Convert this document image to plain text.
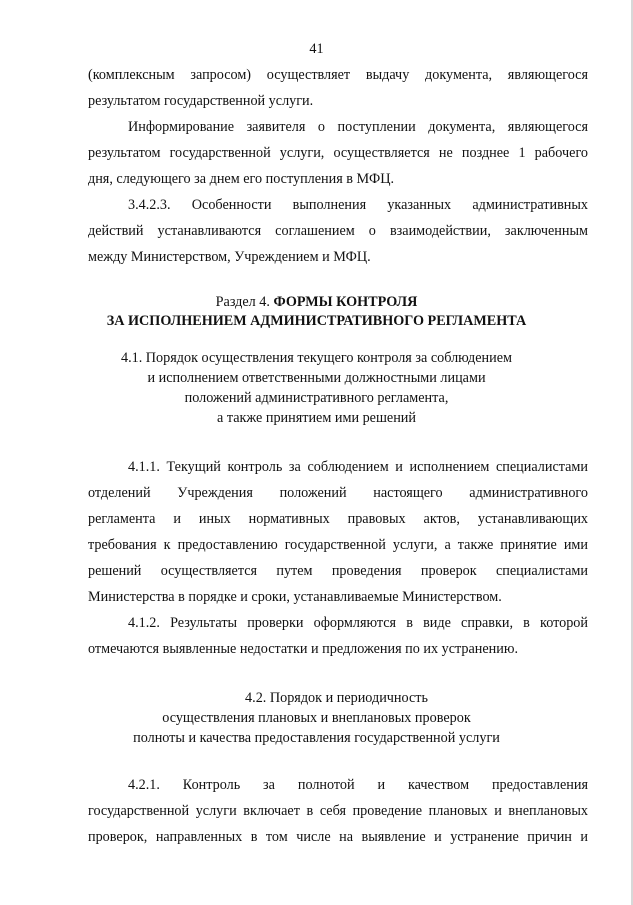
41
(комплексным запросом) осуществляет выдачу документа, являющегося
результатом государственной услуги.
Информирование заявителя о поступлении документа, являющегося
результатом государственной услуги, осуществляется не позднее 1 рабочего
дня, следующего за днем его поступления в МФЦ.
3.4.2.3. Особенности выполнения указанных административных
действий устанавливаются соглашением о взаимодействии, заключенным
между Министерством, Учреждением и МФЦ.
Раздел 4. ФОРМЫ КОНТРОЛЯ
ЗА ИСПОЛНЕНИЕМ АДМИНИСТРАТИВНОГО РЕГЛАМЕНТА
4.1. Порядок осуществления текущего контроля за соблюдением
и исполнением ответственными должностными лицами
положений административного регламента,
а также принятием ими решений
4.1.1. Текущий контроль за соблюдением и исполнением специалистами
отделений Учреждения положений настоящего административного
регламента и иных нормативных правовых актов, устанавливающих
требования к предоставлению государственной услуги, а также принятие ими
решений осуществляется путем проведения проверок специалистами
Министерства в порядке и сроки, устанавливаемые Министерством.
4.1.2. Результаты проверки оформляются в виде справки, в которой
отмечаются выявленные недостатки и предложения по их устранению.
4.2. Порядок и периодичность
осуществления плановых и внеплановых проверок
полноты и качества предоставления государственной услуги
4.2.1. Контроль за полнотой и качеством предоставления
государственной услуги включает в себя проведение плановых и внеплановых
проверок, направленных в том числе на выявление и устранение причин и
